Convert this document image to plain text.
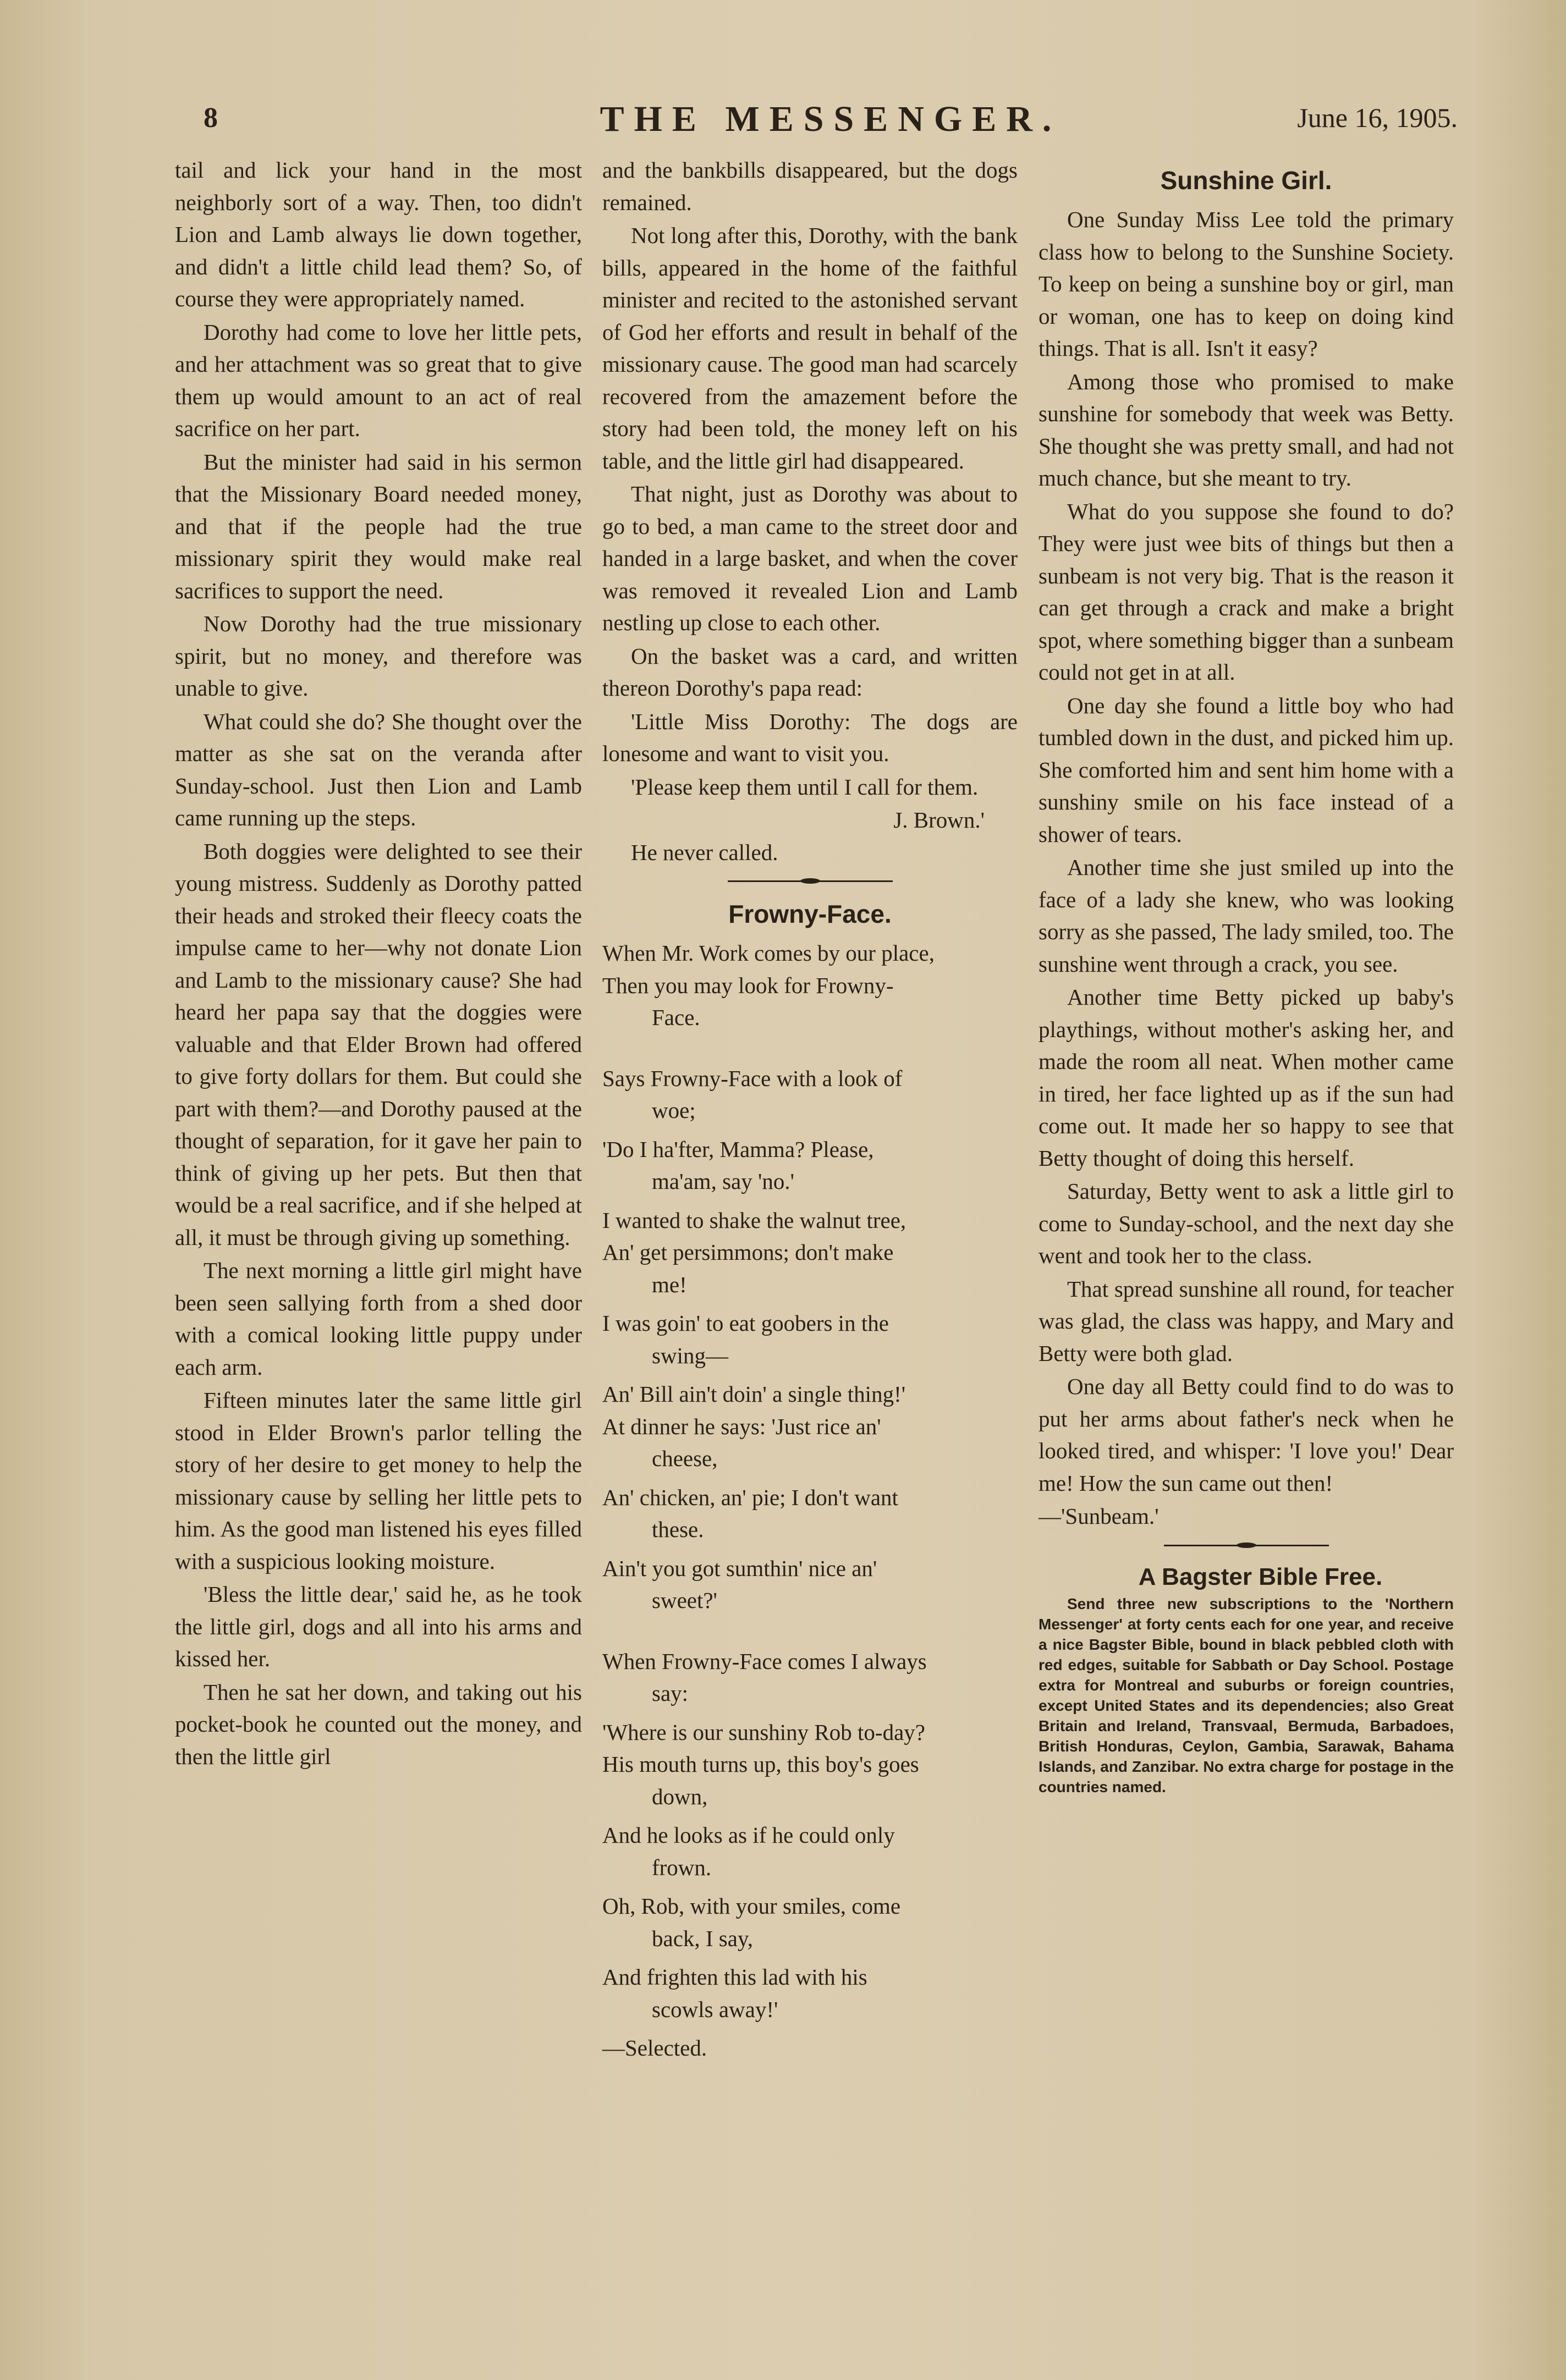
8	THE MESSENGER.	June 16, 1905.

tail and lick your hand in the most neighborly sort of a way. Then, too didn't Lion and Lamb always lie down together, and didn't a little child lead them? So, of course they were appropriately named.

Dorothy had come to love her little pets, and her attachment was so great that to give them up would amount to an act of real sacrifice on her part.

But the minister had said in his sermon that the Missionary Board needed money, and that if the people had the true missionary spirit they would make real sacrifices to support the need.

Now Dorothy had the true missionary spirit, but no money, and therefore was unable to give.

What could she do? She thought over the matter as she sat on the veranda after Sunday-school. Just then Lion and Lamb came running up the steps.

Both doggies were delighted to see their young mistress. Suddenly as Dorothy patted their heads and stroked their fleecy coats the impulse came to her—why not donate Lion and Lamb to the missionary cause? She had heard her papa say that the doggies were valuable and that Elder Brown had offered to give forty dollars for them. But could she part with them?—and Dorothy paused at the thought of separation, for it gave her pain to think of giving up her pets. But then that would be a real sacrifice, and if she helped at all, it must be through giving up something.

The next morning a little girl might have been seen sallying forth from a shed door with a comical looking little puppy under each arm.

Fifteen minutes later the same little girl stood in Elder Brown's parlor telling the story of her desire to get money to help the missionary cause by selling her little pets to him. As the good man listened his eyes filled with a suspicious looking moisture.

'Bless the little dear,' said he, as he took the little girl, dogs and all into his arms and kissed her.

Then he sat her down, and taking out his pocket-book he counted out the money, and then the little girl

and the bankbills disappeared, but the dogs remained.

Not long after this, Dorothy, with the bank bills, appeared in the home of the faithful minister and recited to the astonished servant of God her efforts and result in behalf of the missionary cause. The good man had scarcely recovered from the amazement before the story had been told, the money left on his table, and the little girl had disappeared.

That night, just as Dorothy was about to go to bed, a man came to the street door and handed in a large basket, and when the cover was removed it revealed Lion and Lamb nestling up close to each other.

On the basket was a card, and written thereon Dorothy's papa read:

'Little Miss Dorothy: The dogs are lonesome and want to visit you.

'Please keep them until I call for them.

J. Brown.'

He never called.

Frowny-Face.

When Mr. Work comes by our place,

Then you may look for Frowny-

Face.

Says Frowny-Face with a look of

woe;

'Do I ha'fter, Mamma? Please,

ma'am, say 'no.'

I wanted to shake the walnut tree,

An' get persimmons; don't make

me!

I was goin' to eat goobers in the

swing—

An' Bill ain't doin' a single thing!'

At dinner he says: 'Just rice an'

cheese,

An' chicken, an' pie; I don't want

these.

Ain't you got sumthin' nice an'

sweet?'

When Frowny-Face comes I always

say:

'Where is our sunshiny Rob to-day?

His mouth turns up, this boy's goes

down,

And he looks as if he could only

frown.

Oh, Rob, with your smiles, come

back, I say,

And frighten this lad with his

scowls away!'

—Selected.

Sunshine Girl.

One Sunday Miss Lee told the primary class how to belong to the Sunshine Society. To keep on being a sunshine boy or girl, man or woman, one has to keep on doing kind things. That is all. Isn't it easy?

Among those who promised to make sunshine for somebody that week was Betty. She thought she was pretty small, and had not much chance, but she meant to try.

What do you suppose she found to do? They were just wee bits of things but then a sunbeam is not very big. That is the reason it can get through a crack and make a bright spot, where something bigger than a sunbeam could not get in at all.

One day she found a little boy who had tumbled down in the dust, and picked him up. She comforted him and sent him home with a sunshiny smile on his face instead of a shower of tears.

Another time she just smiled up into the face of a lady she knew, who was looking sorry as she passed, The lady smiled, too. The sunshine went through a crack, you see.

Another time Betty picked up baby's playthings, without mother's asking her, and made the room all neat. When mother came in tired, her face lighted up as if the sun had come out. It made her so happy to see that Betty thought of doing this herself.

Saturday, Betty went to ask a little girl to come to Sunday-school, and the next day she went and took her to the class.

That spread sunshine all round, for teacher was glad, the class was happy, and Mary and Betty were both glad.

One day all Betty could find to do was to put her arms about father's neck when he looked tired, and whisper: 'I love you!' Dear me! How the sun came out then!

—'Sunbeam.'

A Bagster Bible Free.

Send three new subscriptions to the 'Northern Messenger' at forty cents each for one year, and receive a nice Bagster Bible, bound in black pebbled cloth with red edges, suitable for Sabbath or Day School. Postage extra for Montreal and suburbs or foreign countries, except United States and its dependencies; also Great Britain and Ireland, Transvaal, Bermuda, Barbadoes, British Honduras, Ceylon, Gambia, Sarawak, Bahama Islands, and Zanzibar. No extra charge for postage in the countries named.
